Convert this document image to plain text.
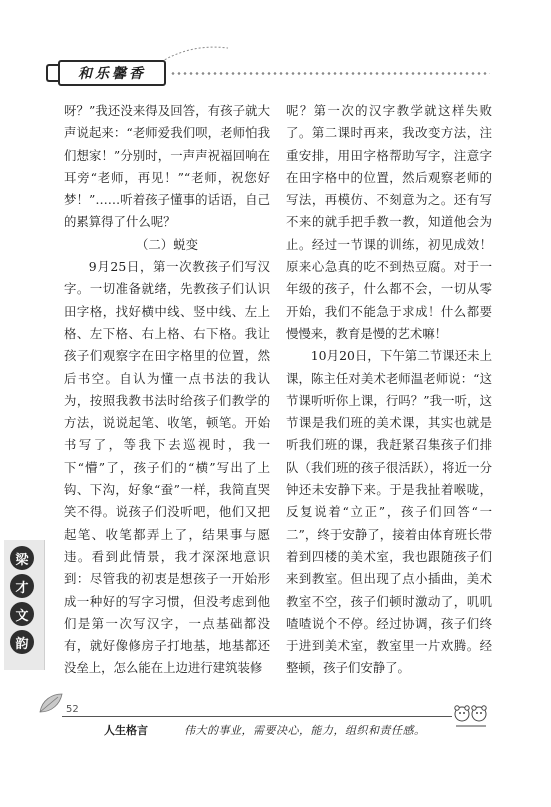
和乐馨香

呀？”我还没来得及回答，有孩子就大声说起来：“老师爱我们呗，老师怕我们想家！”分别时，一声声祝福回响在耳旁“老师，再见！”“老师，祝您好梦！”……听着孩子懂事的话语，自己的累算得了什么呢？

（二）蜕变

9月25日，第一次教孩子们写汉字。一切准备就绪，先教孩子们认识田字格，找好横中线、竖中线、左上格、左下格、右上格、右下格。我让孩子们观察字在田字格里的位置，然后书空。自认为懂一点书法的我认为，按照我教书法时给孩子们教学的方法，说说起笔、收笔，顿笔。开始书写了，等我下去巡视时，我一下“懵”了，孩子们的“横”写出了上钩、下沟，好象“蚕”一样，我简直哭笑不得。说孩子们没听吧，他们又把起笔、收笔都弄上了，结果事与愿违。看到此情景，我才深深地意识到：尽管我的初衷是想孩子一开始形成一种好的写字习惯，但没考虑到他们是第一次写汉字，一点基础都没有，就好像修房子打地基，地基都还没垒上，怎么能在上边进行建筑装修

呢？第一次的汉字教学就这样失败了。第二课时再来，我改变方法，注重安排，用田字格帮助写字，注意字在田字格中的位置，然后观察老师的写法，再模仿、不刻意为之。还有写不来的就手把手教一教，知道他会为止。经过一节课的训练，初见成效！原来心急真的吃不到热豆腐。对于一年级的孩子，什么都不会，一切从零开始，我们不能急于求成！什么都要慢慢来，教育是慢的艺术嘛！

10月20日，下午第二节课还未上课，陈主任对美术老师温老师说：“这节课听听你上课，行吗？”我一听，这节课是我们班的美术课，其实也就是听我们班的课，我赶紧召集孩子们排队（我们班的孩子很活跃），将近一分钟还未安静下来。于是我扯着喉咙，反复说着“立正”，孩子们回答“一二”，终于安静了，接着由体育班长带着到四楼的美术室，我也跟随孩子们来到教室。但出现了点小插曲，美术教室不空，孩子们顿时激动了，叽叽喳喳说个不停。经过协调，孩子们终于进到美术室，教室里一片欢腾。经整顿，孩子们安静了。

梁
才
文
韵
52
人生格言	伟大的事业，需要决心，能力，组织和责任感。
